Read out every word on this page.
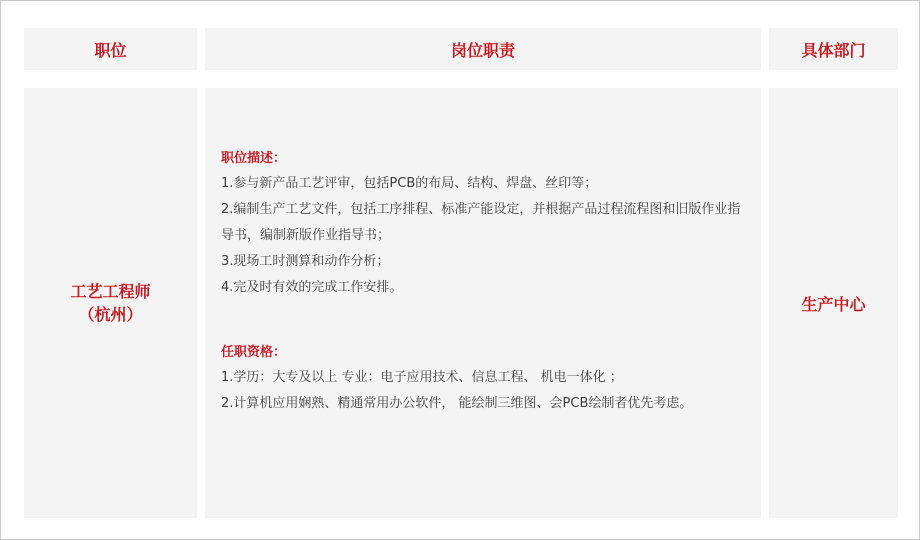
职位	岗位职责	具体部门
工艺工程师
（杭州）
职位描述：
1.参与新产品工艺评审，包括PCB的布局、结构、焊盘、丝印等；
2.编制生产工艺文件，包括工序排程、标准产能设定，并根据产品过程流程图和旧版作业指导书，编制新版作业指导书；
3.现场工时测算和动作分析；
4.完及时有效的完成工作安排。
任职资格：
1.学历：大专及以上 专业：电子应用技术、信息工程、 机电一体化 ；
2.计算机应用娴熟、精通常用办公软件， 能绘制三维图、会PCB绘制者优先考虑。
生产中心
